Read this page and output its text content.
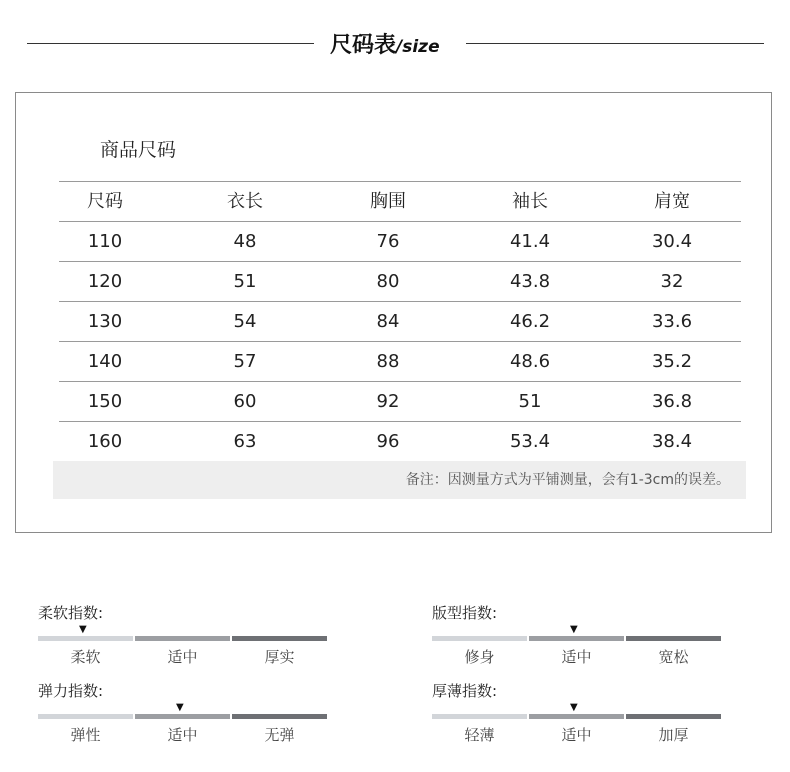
尺码表/size
商品尺码
尺码	衣长	胸围	袖长	肩宽
110	48	76	41.4	30.4
120	51	80	43.8	32
130	54	84	46.2	33.6
140	57	88	48.6	35.2
150	60	92	51	36.8
160	63	96	53.4	38.4
备注：因测量方式为平铺测量，会有1-3cm的误差。
柔软指数:
▼
柔软	适中	厚实
版型指数:
▼
修身	适中	宽松
弹力指数:
▼
弹性	适中	无弹
厚薄指数:
▼
轻薄	适中	加厚
